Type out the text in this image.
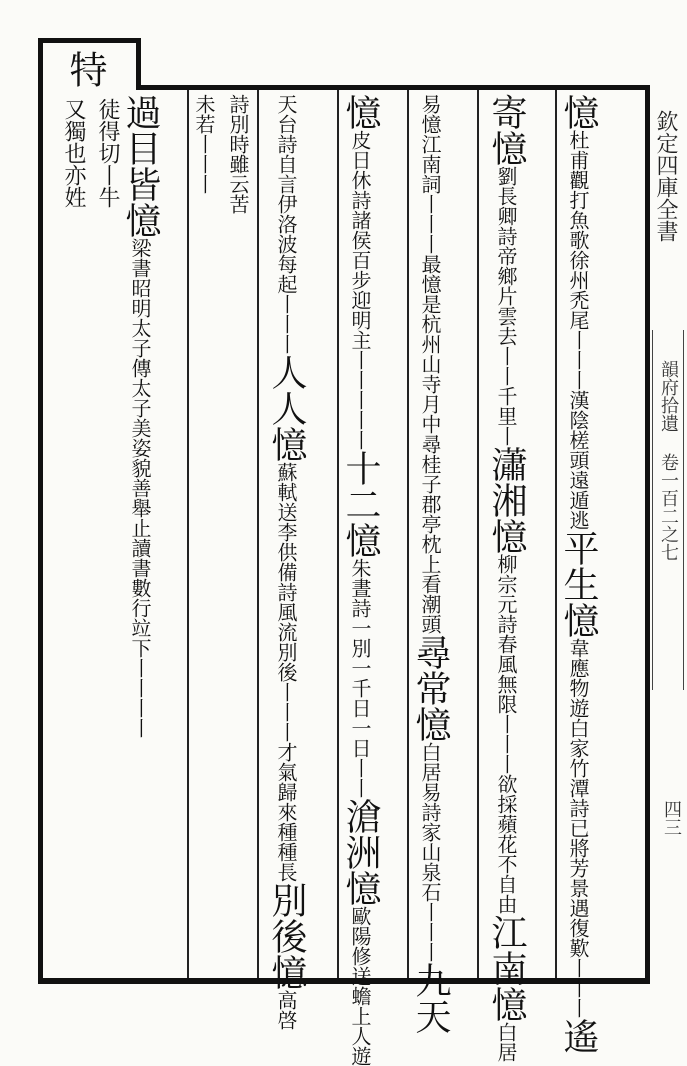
欽定四庫全書
韻府拾遺 卷一百二之七
四三
特
徒得切丨牛
又獨也亦姓	憶杜甫觀打魚歌徐州禿尾丨丨丨漢陰槎頭遠遁逃平生憶韋應物遊白家竹潭詩已將芳景遇復歎丨丨丨遙
寄憶劉長卿詩帝鄉片雲去丨丨千里丨瀟湘憶柳宗元詩春風無限丨丨丨欲採蘋花不自由江南憶白居
易憶江南詞丨丨丨最憶是杭州山寺月中尋桂子郡亭枕上看潮頭尋常憶白居易詩家山泉石丨丨丨九天
憶皮日休詩諸侯百步迎明主丨丨丨丨丨十二憶朱晝詩一別一千日一日丨丨滄洲憶歐陽修送蟾上人遊
天台詩自言伊洛波每起丨丨丨人人憶蘇軾送李供備詩風流別後丨丨丨才氣歸來種種長別後憶高啓
詩別時雖云苦
未若丨丨丨
過目皆憶梁書昭明太子傳太子美姿貌善舉止讀書數行竝下丨丨丨丨
